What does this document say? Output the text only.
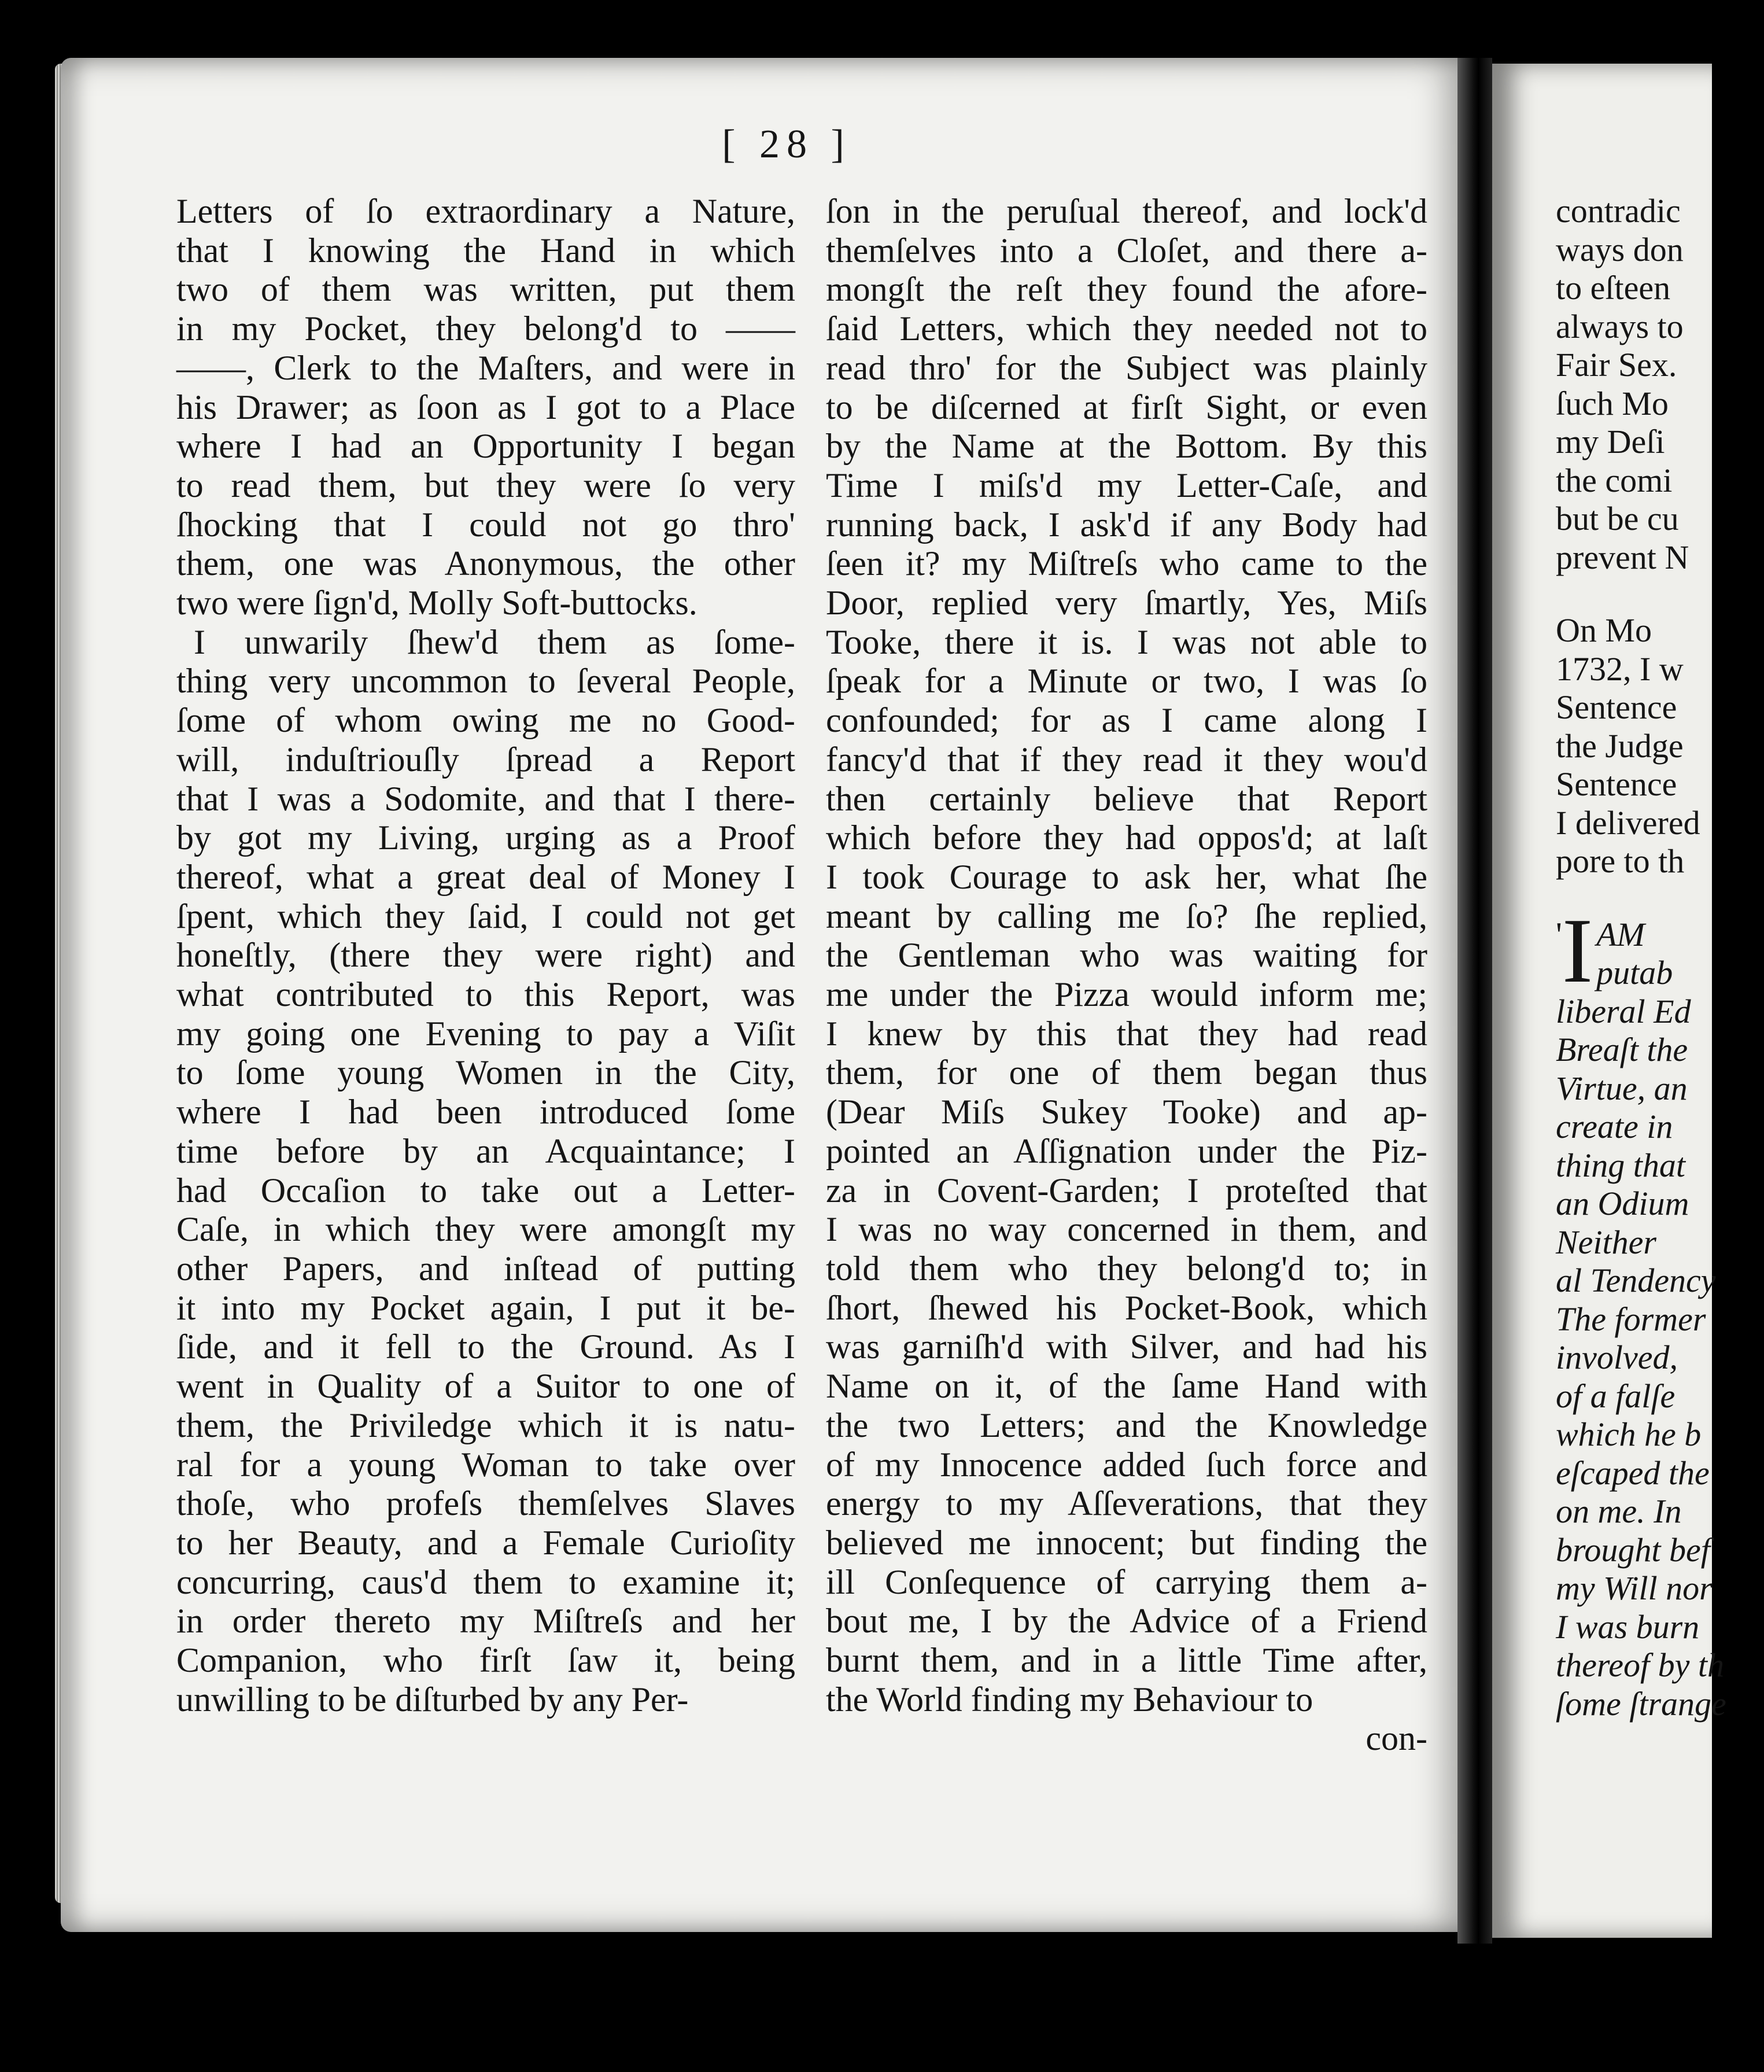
[ 28 ]
Letters of ſo extraordinary a Nature,
that I knowing the Hand in which
two of them was written, put them
in my Pocket, they belong'd to ——
——, Clerk to the Maſters, and were in
his Drawer; as ſoon as I got to a Place
where I had an Opportunity I began
to read them, but they were ſo very
ſhocking that I could not go thro'
them, one was Anonymous, the other
two were ſign'd, Molly Soft-buttocks.
I unwarily ſhew'd them as ſome-
thing very uncommon to ſeveral People,
ſome of whom owing me no Good-
will, induſtriouſly ſpread a Report
that I was a Sodomite, and that I there-
by got my Living, urging as a Proof
thereof, what a great deal of Money I
ſpent, which they ſaid, I could not get
honeſtly, (there they were right) and
what contributed to this Report, was
my going one Evening to pay a Viſit
to ſome young Women in the City,
where I had been introduced ſome
time before by an Acquaintance; I
had Occaſion to take out a Letter-
Caſe, in which they were amongſt my
other Papers, and inſtead of putting
it into my Pocket again, I put it be-
ſide, and it fell to the Ground. As I
went in Quality of a Suitor to one of
them, the Priviledge which it is natu-
ral for a young Woman to take over
thoſe, who profeſs themſelves Slaves
to her Beauty, and a Female Curioſity
concurring, caus'd them to examine it;
in order thereto my Miſtreſs and her
Companion, who firſt ſaw it, being
unwilling to be diſturbed by any Per-
ſon in the peruſual thereof, and lock'd
themſelves into a Cloſet, and there a-
mongſt the reſt they found the afore-
ſaid Letters, which they needed not to
read thro' for the Subject was plainly
to be diſcerned at firſt Sight, or even
by the Name at the Bottom. By this
Time I miſs'd my Letter-Caſe, and
running back, I ask'd if any Body had
ſeen it? my Miſtreſs who came to the
Door, replied very ſmartly, Yes, Miſs
Tooke, there it is. I was not able to
ſpeak for a Minute or two, I was ſo
confounded; for as I came along I
fancy'd that if they read it they wou'd
then certainly believe that Report
which before they had oppos'd; at laſt
I took Courage to ask her, what ſhe
meant by calling me ſo? ſhe replied,
the Gentleman who was waiting for
me under the Pizza would inform me;
I knew by this that they had read
them, for one of them began thus
(Dear Miſs Sukey Tooke) and ap-
pointed an Aſſignation under the Piz-
za in Covent-Garden; I proteſted that
I was no way concerned in them, and
told them who they belong'd to; in
ſhort, ſhewed his Pocket-Book, which
was garniſh'd with Silver, and had his
Name on it, of the ſame Hand with
the two Letters; and the Knowledge
of my Innocence added ſuch force and
energy to my Aſſeverations, that they
believed me innocent; but finding the
ill Conſequence of carrying them a-
bout me, I by the Advice of a Friend
burnt them, and in a little Time after,
the World finding my Behaviour to
con-
contradic
ways don
to eſteen
always to
Fair Sex.
ſuch Mo
my Deſi
the comi
but be cu
prevent N
On Mo
1732, I w
Sentence
the Judge
Sentence
I delivered
pore to th
' I AM
putab
liberal Ed
Breaſt the
Virtue, an
create in
thing that
an Odium
Neither
al Tendency
The former
involved,
of a falſe
which he b
eſcaped the
on me. In
brought bef
my Will nor
I was burn
thereof by th
ſome ſtrange
